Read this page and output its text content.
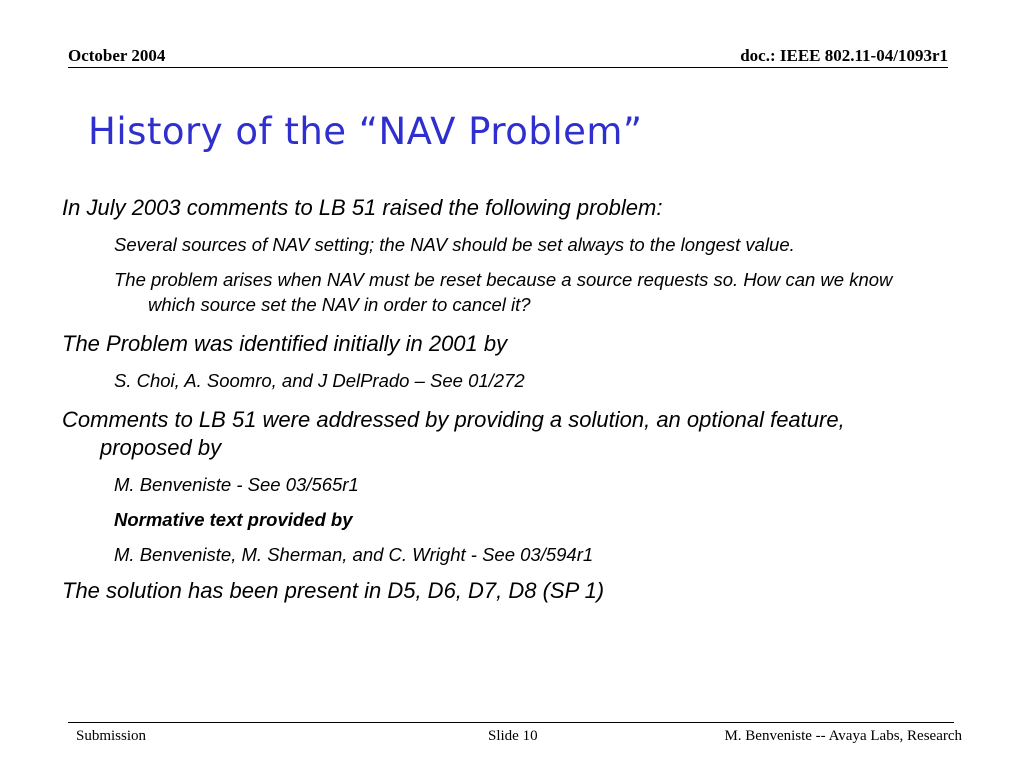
October 2004	doc.: IEEE 802.11-04/1093r1
History of the “NAV Problem”
In July 2003 comments to LB 51 raised the following problem:
Several sources of NAV setting; the NAV should be set always to the longest value.
The problem arises when NAV must be reset because a source requests so. How can we know which source set the NAV in order to cancel it?
The Problem was identified initially in 2001 by
S. Choi, A. Soomro, and J DelPrado – See 01/272
Comments to LB 51 were addressed by providing a solution, an optional feature, proposed by
M. Benveniste - See 03/565r1
Normative text provided by
M. Benveniste, M. Sherman, and C. Wright - See 03/594r1
The solution has been present in D5, D6, D7, D8 (SP 1)
Submission	Slide 10	M. Benveniste -- Avaya Labs, Research
